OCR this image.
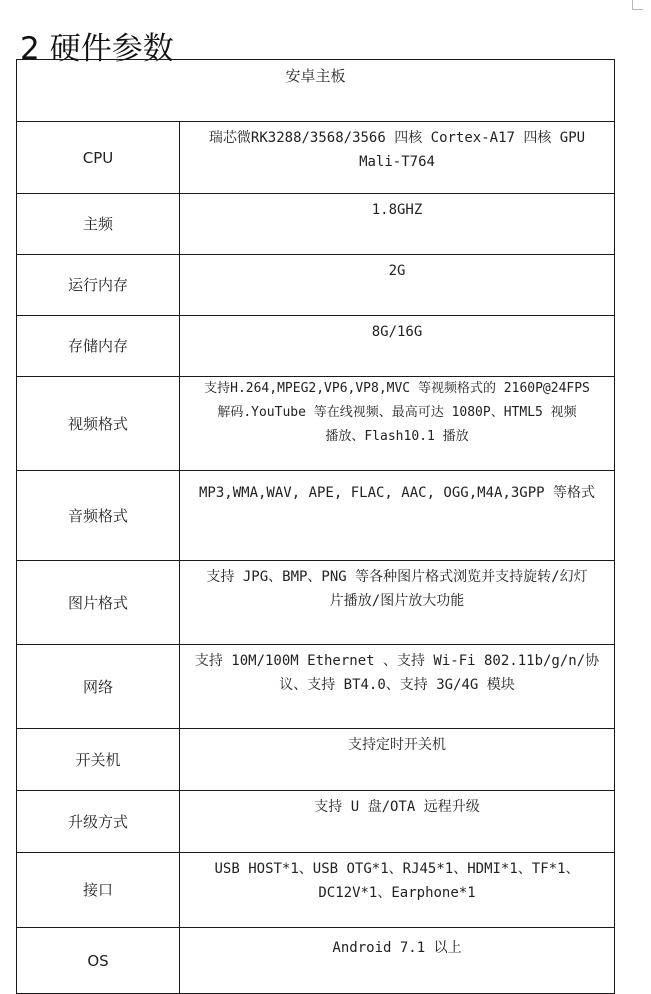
2 硬件参数
安卓主板	
CPU	瑞芯微RK3288/3568/3566 四核 Cortex-A17 四核 GPU
Mali-T764

主频	1.8GHZ

运行内存	2G

存储内存	8G/16G

视频格式	支持H.264,MPEG2,VP6,VP8,MVC 等视频格式的 2160P@24FPS
解码.YouTube 等在线视频、最高可达 1080P、HTML5 视频
播放、Flash10.1 播放

音频格式	MP3,WMA,WAV, APE, FLAC, AAC, OGG,M4A,3GPP 等格式

图片格式	支持 JPG、BMP、PNG 等各种图片格式浏览并支持旋转/幻灯
片播放/图片放大功能

网络	支持 10M/100M Ethernet 、支持 Wi-Fi 802.11b/g/n/协
议、支持 BT4.0、支持 3G/4G 模块

开关机	支持定时开关机

升级方式	支持 U 盘/OTA 远程升级

接口	USB HOST*1、USB OTG*1、RJ45*1、HDMI*1、TF*1、
DC12V*1、Earphone*1

OS	Android 7.1 以上
